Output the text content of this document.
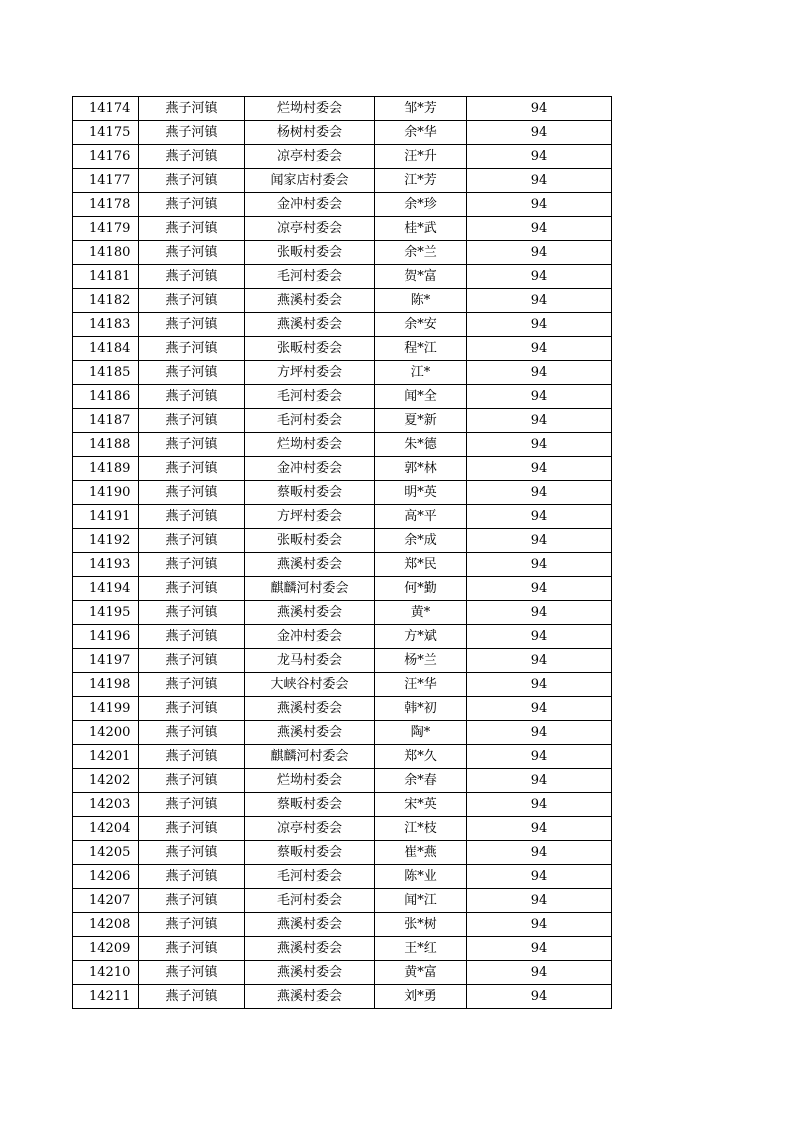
14174	燕子河镇	烂坳村委会	邹*芳	94
14175	燕子河镇	杨树村委会	余*华	94
14176	燕子河镇	凉亭村委会	汪*升	94
14177	燕子河镇	闻家店村委会	江*芳	94
14178	燕子河镇	金冲村委会	余*珍	94
14179	燕子河镇	凉亭村委会	桂*武	94
14180	燕子河镇	张畈村委会	余*兰	94
14181	燕子河镇	毛河村委会	贺*富	94
14182	燕子河镇	燕溪村委会	陈*	94
14183	燕子河镇	燕溪村委会	余*安	94
14184	燕子河镇	张畈村委会	程*江	94
14185	燕子河镇	方坪村委会	江*	94
14186	燕子河镇	毛河村委会	闻*全	94
14187	燕子河镇	毛河村委会	夏*新	94
14188	燕子河镇	烂坳村委会	朱*德	94
14189	燕子河镇	金冲村委会	郭*林	94
14190	燕子河镇	蔡畈村委会	明*英	94
14191	燕子河镇	方坪村委会	高*平	94
14192	燕子河镇	张畈村委会	余*成	94
14193	燕子河镇	燕溪村委会	郑*民	94
14194	燕子河镇	麒麟河村委会	何*勤	94
14195	燕子河镇	燕溪村委会	黄*	94
14196	燕子河镇	金冲村委会	方*斌	94
14197	燕子河镇	龙马村委会	杨*兰	94
14198	燕子河镇	大峡谷村委会	汪*华	94
14199	燕子河镇	燕溪村委会	韩*初	94
14200	燕子河镇	燕溪村委会	陶*	94
14201	燕子河镇	麒麟河村委会	郑*久	94
14202	燕子河镇	烂坳村委会	余*春	94
14203	燕子河镇	蔡畈村委会	宋*英	94
14204	燕子河镇	凉亭村委会	江*枝	94
14205	燕子河镇	蔡畈村委会	崔*燕	94
14206	燕子河镇	毛河村委会	陈*业	94
14207	燕子河镇	毛河村委会	闻*江	94
14208	燕子河镇	燕溪村委会	张*树	94
14209	燕子河镇	燕溪村委会	王*红	94
14210	燕子河镇	燕溪村委会	黄*富	94
14211	燕子河镇	燕溪村委会	刘*勇	94
